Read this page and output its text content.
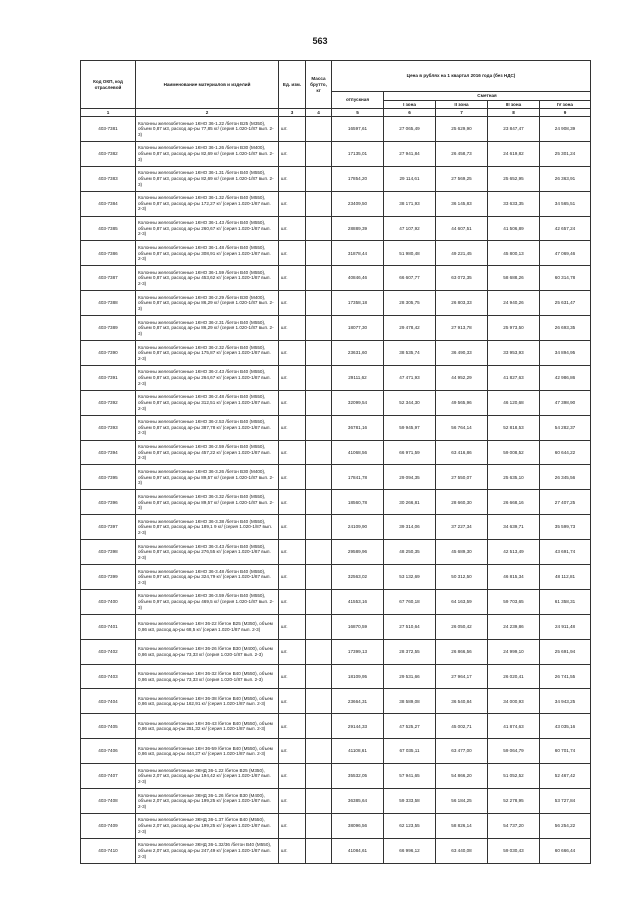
563
Код ОКП, код отраслевой	Наименование материалов и изделий	Ед. изм.	Масса брутто, кг	Цена в рублях на 1 квартал 2016 года (без НДС)				
				отпускная	Сметная			
					I зона	II зона	III зона	IV зона
1	2	3	4	5	6	7	8	9
403-7381	Колонны железобетонные 1КНО 36-1.22 /бетон В25 (М350), объем 0,87 м3, расход ар-ры 77,85 кг/ (серия 1.020-1/87 вып. 2-3)	шт.		16597,61	27 065,49	25 629,90	23 847,47	24 908,39
403-7382	Колонны железобетонные 1КНО 36-1.26 /бетон В30 (М400), объем 0,87 м3, расход ар-ры 82,69 кг/ (серия 1.020-1/87 вып. 2-3)	шт.		17135,01	27 941,84	26 458,73	24 619,82	25 301,24
403-7383	Колонны железобетонные 1КНО 36-1.31 /бетон В40 (М550), объем 0,87 м3, расход ар-ры 82,69 кг/ (серия 1.020-1/87 вып. 2-3)	шт.		17854,20	29 114,61	27 569,25	25 652,95	26 363,91
403-7384	Колонны железобетонные 1КНО 36-1.32 /бетон В40 (М550), объем 0,87 м3, расход ар-ры 172,27 кг/ (серия 1.020-1/87 вып. 2-3)	шт.		23409,50	38 171,93	36 145,83	33 633,35	34 565,51
403-7385	Колонны железобетонные 1КНО 36-1.43 /бетон В40 (М550), объем 0,87 м3, расход ар-ры 260,67 кг/ (серия 1.020-1/87 вып. 2-3)	шт.		28889,39	47 107,92	44 607,51	41 506,89	42 657,24
403-7386	Колонны железобетонные 1КНО 36-1.48 /бетон В40 (М550), объем 0,87 м3, расход ар-ры 308,91 кг/ (серия 1.020-1/87 вып. 2-3)	шт.		31878,44	51 980,48	49 221,45	45 800,13	47 069,46
403-7387	Колонны железобетонные 1КНО 36-1.59 /бетон В40 (М550), объем 0,87 м3, расход ар-ры 453,62 кг/ (серия 1.020-1/87 вып. 2-3)	шт.		40846,46	66 607,77	63 072,35	58 688,26	60 314,78
403-7388	Колонны железобетонные 1КНО 36-2.29 /бетон В30 (М400), объем 0,87 м3, расход ар-ры 86,29 кг/ (серия 1.020-1/87 вып. 2-3)	шт.		17358,18	28 305,75	26 803,33	24 940,26	25 631,47
403-7389	Колонны железобетонные 1КНО 36-2.31 /бетон В40 (М550), объем 0,87 м3, расход ар-ры 86,29 кг/ (серия 1.020-1/87 вып. 2-3)	шт.		18077,30	29 478,42	27 913,78	25 973,50	26 693,35
403-7390	Колонны железобетонные 1КНО 36-2.32 /бетон В40 (М550), объем 0,87 м3, расход ар-ры 175,87 кг/ (серия 1.020-1/87 вып. 2-3)	шт.		23631,60	38 535,74	36 490,33	33 953,93	34 894,95
403-7391	Колонны железобетонные 1КНО 36-2.43 /бетон В40 (М550), объем 0,87 м3, расход ар-ры 264,67 кг/ (серия 1.020-1/87 вып. 2-3)	шт.		29111,62	47 471,93	44 952,29	41 827,63	42 986,86
403-7392	Колонны железобетонные 1КНО 36-2.48 /бетон В40 (М550), объем 0,87 м3, расход ар-ры 312,51 кг/ (серия 1.020-1/87 вып. 2-3)	шт.		32099,54	52 344,30	49 565,96	46 120,68	47 398,90
403-7393	Колонны железобетонные 1КНО 36-2.53 /бетон В40 (М550), объем 0,87 м3, расход ар-ры 387,78 кг/ (серия 1.020-1/87 вып. 2-3)	шт.		36781,16	59 945,97	56 764,14	52 818,53	54 282,37
403-7394	Колонны железобетонные 1КНО 36-2.59 /бетон В40 (М550), объем 0,87 м3, расход ар-ры 457,22 кг/ (серия 1.020-1/87 вып. 2-3)	шт.		41068,56	66 971,59	63 416,86	59 008,52	60 644,22
403-7395	Колонны железобетонные 1КНО 36-3.26 /бетон В30 (М400), объем 0,97 м3, расход ар-ры 89,57 кг/ (серия 1.020-1/87 вып. 2-3)	шт.		17841,78	29 094,35	27 550,07	25 635,10	26 345,56
403-7396	Колонны железобетонные 1КНО 36-3.32 /бетон В40 (М550), объем 0,87 м3, расход ар-ры 89,57 кг/ (серия 1.020-1/87 вып. 2-3)	шт.		18560,78	30 266,81	28 660,30	26 668,16	27 407,25
403-7397	Колонны железобетонные 1КНО 36-3.38 /бетон В40 (М550), объем 0,87 м3, расход ар-ры 189,1 9 кг/ (серия 1.020-1/87 вып. 2-3)	шт.		24109,90	39 314,06	37 227,34	34 639,71	35 599,73
403-7398	Колонны железобетонные 1КНО 36-3.43 /бетон В40 (М550), объем 0,87 м3, расход ар-ры 276,55 кг/ (серия 1.020-1/87 вып. 2-3)	шт.		29589,96	48 250,35	45 689,30	42 513,49	43 691,74
403-7399	Колонны железобетонные 1КНО 36-3.48 /бетон В40 (М550), объем 0,97 м3, расход ар-ры 324,79 кг/ (серия 1.020-1/87 вып. 2-3)	шт.		32563,02	53 132,69	50 312,50	46 815,34	48 112,81
403-7400	Колонны железобетонные 1КНО 36-3.59 /бетон В40 (М550), объем 0,97 м3, расход ар-ры 469,5 кг/ (серия 1.020-1/87 вып. 2-3)	шт.		41553,16	67 760,18	64 163,59	59 703,65	61 358,31
403-7401	Колонны железобетонные 1КН 36-22 /бетон В25 (М350), объем 0,86 м3, расход ар-ры 68,5 кг/ (серия 1.020-1/87 вып. 2-3)	шт.		16870,59	27 510,64	26 050,42	24 239,86	24 911,48
403-7402	Колонны железобетонные 1КН 36-26 /бетон В30 (М400), объем 0,86 м3, расход ар-ры 73,33 кг/ (серия 1.020-1/87 вып. 2-3)	шт.		17399,13	28 372,55	26 866,56	24 999,10	25 691,94
403-7403	Колонны железобетонные 1КН 36-32 /бетон В40 (М550), объем 0,86 м3, расход ар-ры 73,33 кг/ (серия 1.020-1/87 вып. 2-3)	шт.		18109,95	29 531,66	27 964,17	26 020,41	26 741,55
403-7404	Колонны железобетонные 1КН 36-38 /бетон В40 (М550), объем 0,86 м3, расход ар-ры 162,91 кг/ (серия 1.020-1/87 вып. 2-3)	шт.		23664,31	38 589,08	36 540,84	34 000,93	34 943,25
403-7405	Колонны железобетонные 1КН 36-43 /бетон В40 (М550), объем 0,86 м3, расход ар-ры 251,32 кг/ (серия 1.020-1/87 вып. 2-3)	шт.		29144,33	47 525,27	45 002,71	41 874,63	43 035,16
403-7406	Колонны железобетонные 1КН 36-59 /бетон В40 (М550), объем 0,86 м3, расход ар-ры 444,27 кг/ (серия 1.020-1/87 вып. 2-3)	шт.		41108,61	67 035,11	63 477,00	59 064,79	60 701,74
403-7407	Колонны железобетонные 3КНД 36-1.22 /бетон В25 (М350), объем 2,07 м3, расход ар-ры 194,42 кг/ (серия 1.020-1/87 вып. 2-3)	шт.		35532,05	57 941,65	54 866,20	51 052,52	52 467,42
403-7408	Колонны железобетонные 3КНД 36-1.26 /бетон В30 (М400), объем 2,07 м3, расход ар-ры 199,25 кг/ (серия 1.020-1/87 вып. 2-3)	шт.		36385,64	59 333,58	56 184,25	52 278,95	53 727,84
403-7409	Колонны железобетонные 3КНД 36-1.37 /бетон В40 (М550), объем 2,07 м3, расход ар-ры 199,25 кг/ (серия 1.020-1/87 вып. 2-3)	шт.		38096,56	62 123,55	58 826,14	54 737,20	56 254,22
403-7410	Колонны железобетонные 3КНД 36-1.32/36 /бетон В40 (М550), объем 2,07 м3, расход ар-ры 247,49 кг/ (серия 1.020-1/87 вып. 2-3)	шт.		41084,61	66 996,12	63 440,08	59 030,43	60 666,44
